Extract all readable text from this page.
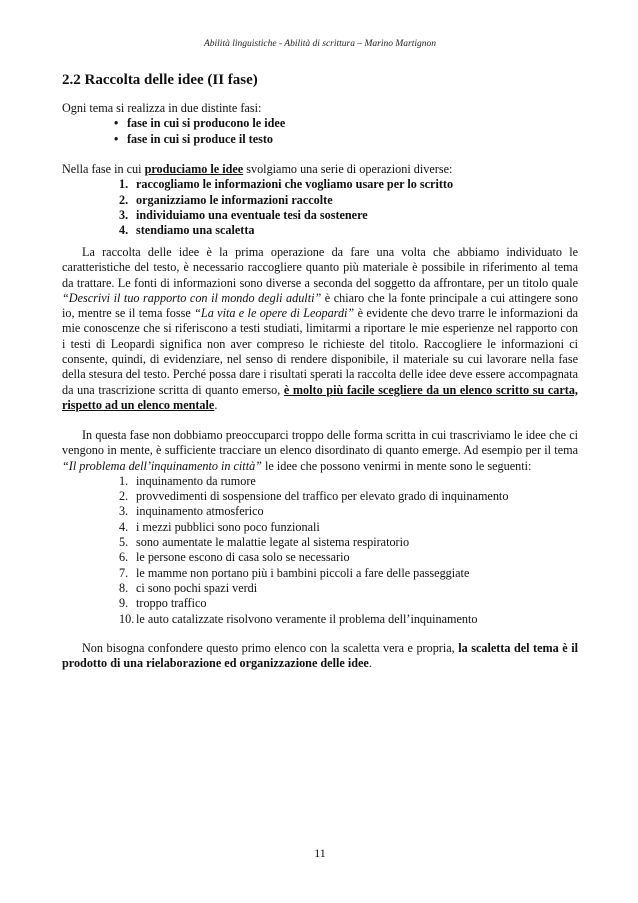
Abilità linguistiche - Abilità di scrittura – Marino Martignon
2.2 Raccolta delle idee (II fase)
Ogni tema si realizza in due distinte fasi:
• fase in cui si producono le idee
• fase in cui si produce il testo
Nella fase in cui produciamo le idee svolgiamo una serie di operazioni diverse:
1. raccogliamo le informazioni che vogliamo usare per lo scritto
2. organizziamo le informazioni raccolte
3. individuiamo una eventuale tesi da sostenere
4. stendiamo una scaletta

La raccolta delle idee è la prima operazione da fare una volta che abbiamo individuato le caratteristiche del testo, è necessario raccogliere quanto più materiale è possibile in riferimento al tema da trattare. Le fonti di informazioni sono diverse a seconda del soggetto da affrontare, per un titolo quale “Descrivi il tuo rapporto con il mondo degli adulti” è chiaro che la fonte principale a cui attingere sono io, mentre se il tema fosse “La vita e le opere di Leopardi” è evidente che devo trarre le informazioni da mie conoscenze che si riferiscono a testi studiati, limitarmi a riportare le mie esperienze nel rapporto con i testi di Leopardi significa non aver compreso le richieste del titolo. Raccogliere le informazioni ci consente, quindi, di evidenziare, nel senso di rendere disponibile, il materiale su cui lavorare nella fase della stesura del testo. Perché possa dare i risultati sperati la raccolta delle idee deve essere accompagnata da una trascrizione scritta di quanto emerso, è molto più facile scegliere da un elenco scritto su carta, rispetto ad un elenco mentale.

In questa fase non dobbiamo preoccuparci troppo delle forma scritta in cui trascriviamo le idee che ci vengono in mente, è sufficiente tracciare un elenco disordinato di quanto emerge. Ad esempio per il tema “Il problema dell’inquinamento in città” le idee che possono venirmi in mente sono le seguenti:

1. inquinamento da rumore
2. provvedimenti di sospensione del traffico per elevato grado di inquinamento
3. inquinamento atmosferico
4. i mezzi pubblici sono poco funzionali
5. sono aumentate le malattie legate al sistema respiratorio
6. le persone escono di casa solo se necessario
7. le mamme non portano più i bambini piccoli a fare delle passeggiate
8. ci sono pochi spazi verdi
9. troppo traffico
10. le auto catalizzate risolvono veramente il problema dell’inquinamento

Non bisogna confondere questo primo elenco con la scaletta vera e propria, la scaletta del tema è il prodotto di una rielaborazione ed organizzazione delle idee.

11
